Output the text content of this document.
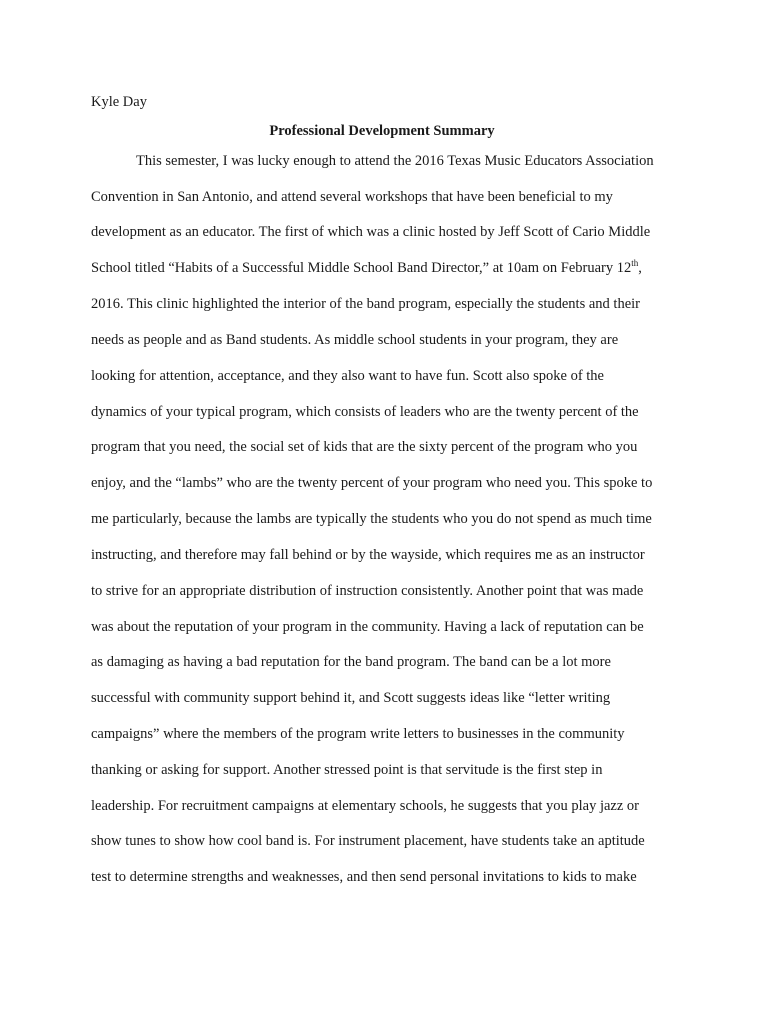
Kyle Day

Professional Development Summary

This semester, I was lucky enough to attend the 2016 Texas Music Educators Association

Convention in San Antonio, and attend several workshops that have been beneficial to my

development as an educator. The first of which was a clinic hosted by Jeff Scott of Cario Middle

School titled “Habits of a Successful Middle School Band Director,” at 10am on February 12th,

2016. This clinic highlighted the interior of the band program, especially the students and their

needs as people and as Band students. As middle school students in your program, they are

looking for attention, acceptance, and they also want to have fun. Scott also spoke of the

dynamics of your typical program, which consists of leaders who are the twenty percent of the

program that you need, the social set of kids that are the sixty percent of the program who you

enjoy, and the “lambs” who are the twenty percent of your program who need you. This spoke to

me particularly, because the lambs are typically the students who you do not spend as much time

instructing, and therefore may fall behind or by the wayside, which requires me as an instructor

to strive for an appropriate distribution of instruction consistently. Another point that was made

was about the reputation of your program in the community. Having a lack of reputation can be

as damaging as having a bad reputation for the band program. The band can be a lot more

successful with community support behind it, and Scott suggests ideas like “letter writing

campaigns” where the members of the program write letters to businesses in the community

thanking or asking for support. Another stressed point is that servitude is the first step in

leadership. For recruitment campaigns at elementary schools, he suggests that you play jazz or

show tunes to show how cool band is. For instrument placement, have students take an aptitude

test to determine strengths and weaknesses, and then send personal invitations to kids to make
